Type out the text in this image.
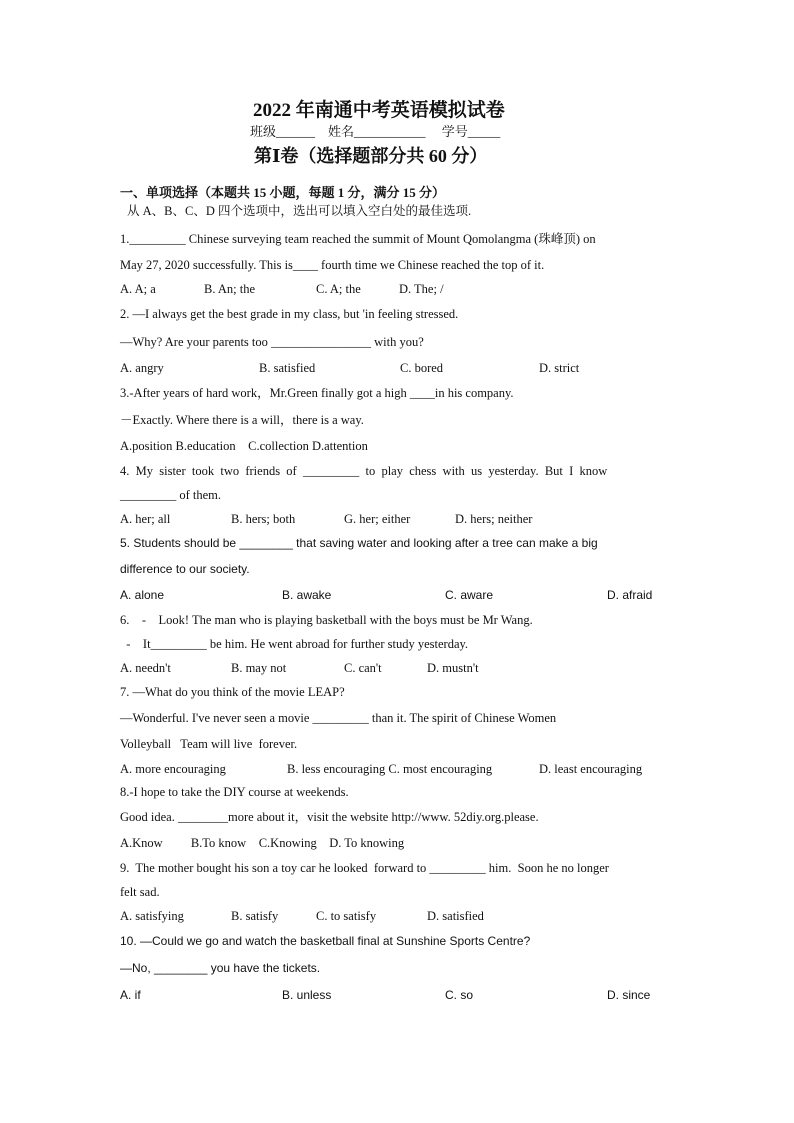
2022 年南通中考英语模拟试卷
班级______    姓名___________     学号_____
第Ⅰ卷（选择题部分共 60 分）
一、单项选择（本题共 15 小题，每题 1 分，满分 15 分）
从 A、B、C、D 四个选项中，选出可以填入空白处的最佳选项.
1._________ Chinese surveying team reached the summit of Mount Qomolangma (珠峰顶) on
May 27, 2020 successfully. This is____ fourth time we Chinese reached the top of it.
A. A; a	B. An; the	C. A; the	D. The; /
2. —I always get the best grade in my class, but 'in feeling stressed.
—Why? Are your parents too ________________ with you?
A. angry	B. satisfied	C. bored	D. strict
3.-After years of hard work，Mr.Green finally got a high ____in his company.
－Exactly. Where there is a will，there is a way.
A.position B.education    C.collection D.attention
4.  My  sister  took  two  friends  of  _________  to  play  chess  with  us  yesterday.  But  I  know
_________ of them.
A. her; all	B. hers; both	G. her; either	D. hers; neither
5. Students should be ________ that saving water and looking after a tree can make a big
difference to our society.
A. alone	B. awake	C. aware	D. afraid
6.    -    Look! The man who is playing basketball with the boys must be Mr Wang.
-    It_________ be him. He went abroad for further study yesterday.
A. needn't	B. may not	C. can't	D. mustn't
7. —What do you think of the movie LEAP?
—Wonderful. I've never seen a movie _________ than it. The spirit of Chinese Women
Volleyball   Team will live  forever.
A. more encouraging	B. less encouraging C. most encouraging	D. least encouraging
8.-I hope to take the DIY course at weekends.
Good idea. ________more about it，visit the website http://www. 52diy.org.please.
A.Know         B.To know    C.Knowing    D. To knowing
9.  The mother bought his son a toy car he looked  forward to _________ him.  Soon he no longer
felt sad.
A. satisfying	B. satisfy	C. to satisfy	D. satisfied
10. —Could we go and watch the basketball final at Sunshine Sports Centre?
—No, ________ you have the tickets.
A. if	B. unless	C. so	D. since
